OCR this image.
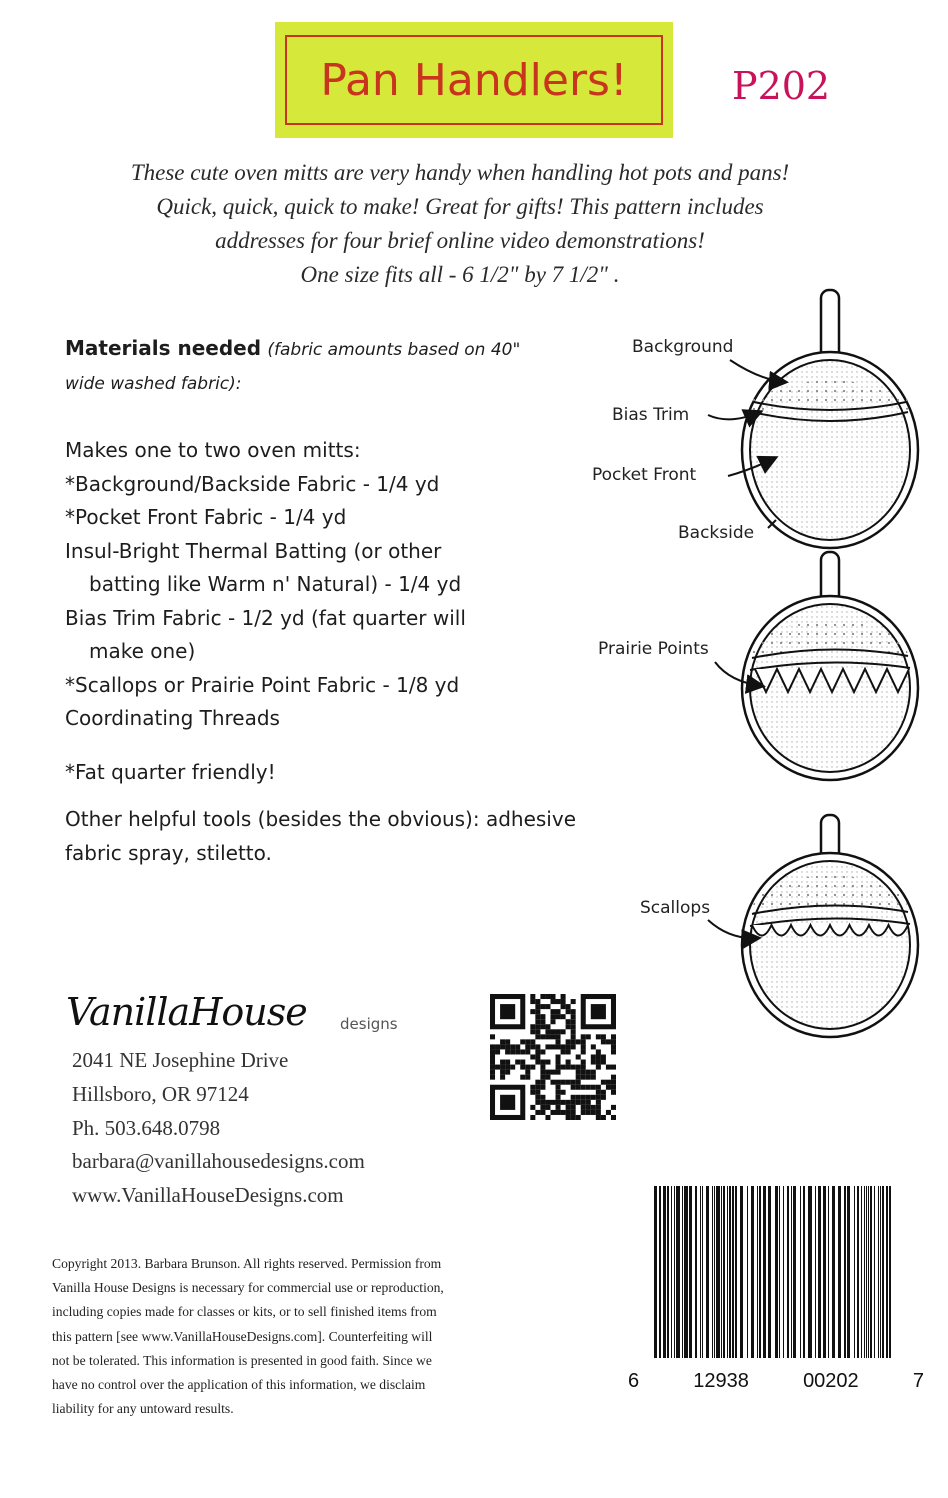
Pan Handlers!	P202
These cute oven mitts are very handy when handling hot pots and pans!
Quick, quick, quick to make! Great for gifts! This pattern includes
addresses for four brief online video demonstrations!
One size fits all - 6 1/2" by 7 1/2" .
Materials needed (fabric amounts based on 40"
wide washed fabric):
Makes one to two oven mitts:
*Background/Backside Fabric - 1/4 yd
*Pocket Front Fabric - 1/4 yd
Insul-Bright Thermal Batting (or other
batting like Warm n' Natural) - 1/4 yd
Bias Trim Fabric - 1/2 yd (fat quarter will
make one)
*Scallops or Prairie Point Fabric - 1/8 yd
Coordinating Threads
*Fat quarter friendly!
Other helpful tools (besides the obvious): adhesive
fabric spray, stiletto.
Background
Bias Trim
Pocket Front
Backside
Prairie Points
Scallops
VanillaHouse designs
2041 NE Josephine Drive
Hillsboro, OR 97124
Ph. 503.648.0798
barbara@vanillahousedesigns.com
www.VanillaHouseDesigns.com
6	12938	00202	7
Copyright 2013. Barbara Brunson. All rights reserved. Permission from
Vanilla House Designs is necessary for commercial use or reproduction,
including copies made for classes or kits, or to sell finished items from
this pattern [see www.VanillaHouseDesigns.com]. Counterfeiting will
not be tolerated. This information is presented in good faith. Since we
have no control over the application of this information, we disclaim
liability for any untoward results.
